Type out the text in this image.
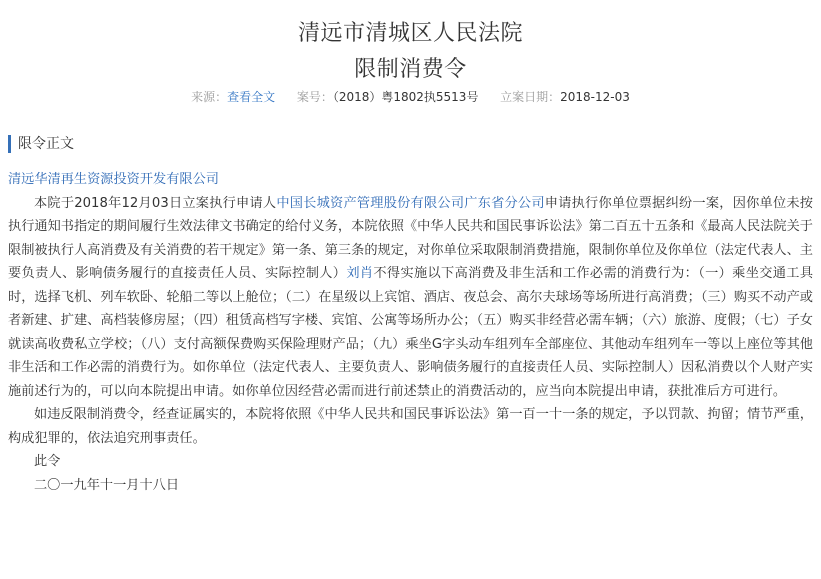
清远市清城区人民法院
限制消费令
来源：查看全文 案号：（2018）粤1802执5513号 立案日期：2018-12-03
限令正文

清远华清再生资源投资开发有限公司

本院于2018年12月03日立案执行申请人中国长城资产管理股份有限公司广东省分公司申请执行你单位票据纠纷一案，因你单位未按执行通知书指定的期间履行生效法律文书确定的给付义务，本院依照《中华人民共和国民事诉讼法》第二百五十五条和《最高人民法院关于限制被执行人高消费及有关消费的若干规定》第一条、第三条的规定，对你单位采取限制消费措施，限制你单位及你单位（法定代表人、主要负责人、影响债务履行的直接责任人员、实际控制人）刘肖不得实施以下高消费及非生活和工作必需的消费行为：（一）乘坐交通工具时，选择飞机、列车软卧、轮船二等以上舱位；（二）在星级以上宾馆、酒店、夜总会、高尔夫球场等场所进行高消费；（三）购买不动产或者新建、扩建、高档装修房屋；（四）租赁高档写字楼、宾馆、公寓等场所办公；（五）购买非经营必需车辆；（六）旅游、度假；（七）子女就读高收费私立学校；（八）支付高额保费购买保险理财产品；（九）乘坐G字头动车组列车全部座位、其他动车组列车一等以上座位等其他非生活和工作必需的消费行为。如你单位（法定代表人、主要负责人、影响债务履行的直接责任人员、实际控制人）因私消费以个人财产实施前述行为的，可以向本院提出申请。如你单位因经营必需而进行前述禁止的消费活动的，应当向本院提出申请，获批准后方可进行。

如违反限制消费令，经查证属实的，本院将依照《中华人民共和国民事诉讼法》第一百一十一条的规定，予以罚款、拘留；情节严重，构成犯罪的，依法追究刑事责任。

此令

二〇一九年十一月十八日
